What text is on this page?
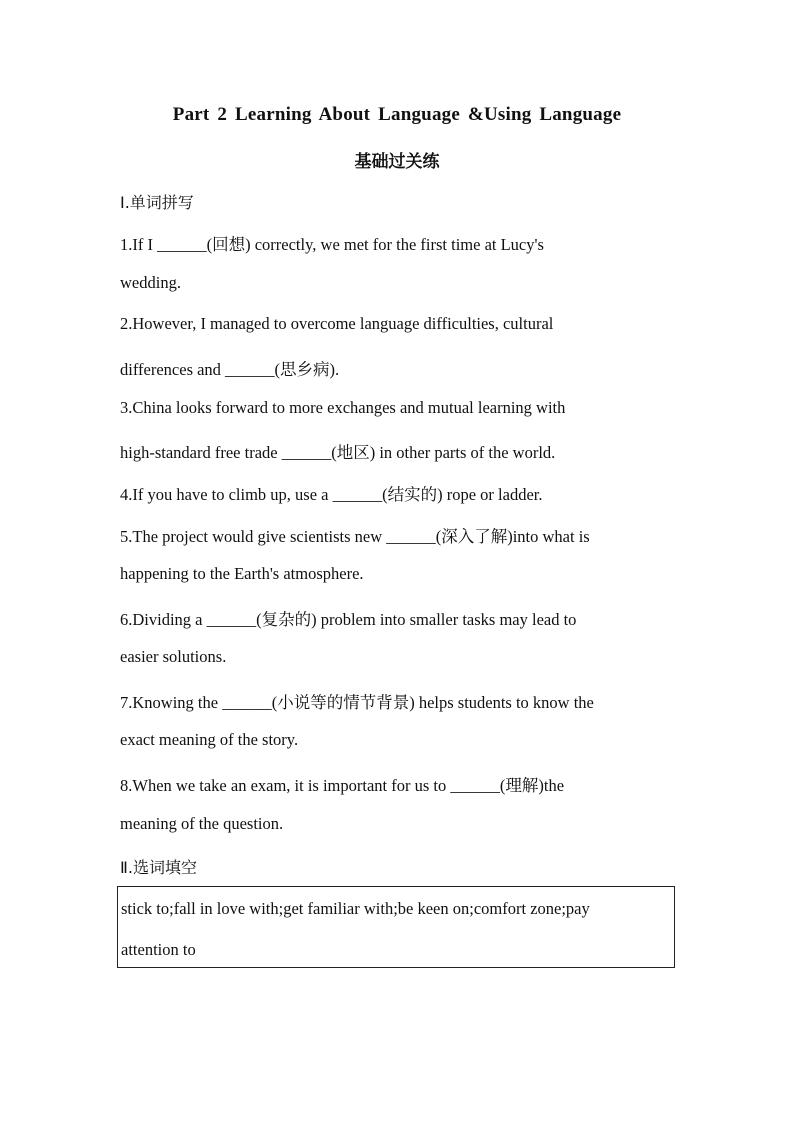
Part 2 Learning About Language &Using Language
基础过关练
Ⅰ.单词拼写
1.If I ______(回想) correctly, we met for the first time at Lucy's
wedding.
2.However, I managed to overcome language difficulties, cultural
differences and ______(思乡病).
3.China looks forward to more exchanges and mutual learning with
high-standard free trade ______(地区) in other parts of the world.
4.If you have to climb up, use a ______(结实的) rope or ladder.
5.The project would give scientists new ______(深入了解)into what is
happening to the Earth's atmosphere.
6.Dividing a ______(复杂的) problem into smaller tasks may lead to
easier solutions.
7.Knowing the ______(小说等的情节背景) helps students to know the
exact meaning of the story.
8.When we take an exam, it is important for us to ______(理解)the
meaning of the question.
Ⅱ.选词填空
stick to;fall in love with;get familiar with;be keen on;comfort zone;pay
attention to
